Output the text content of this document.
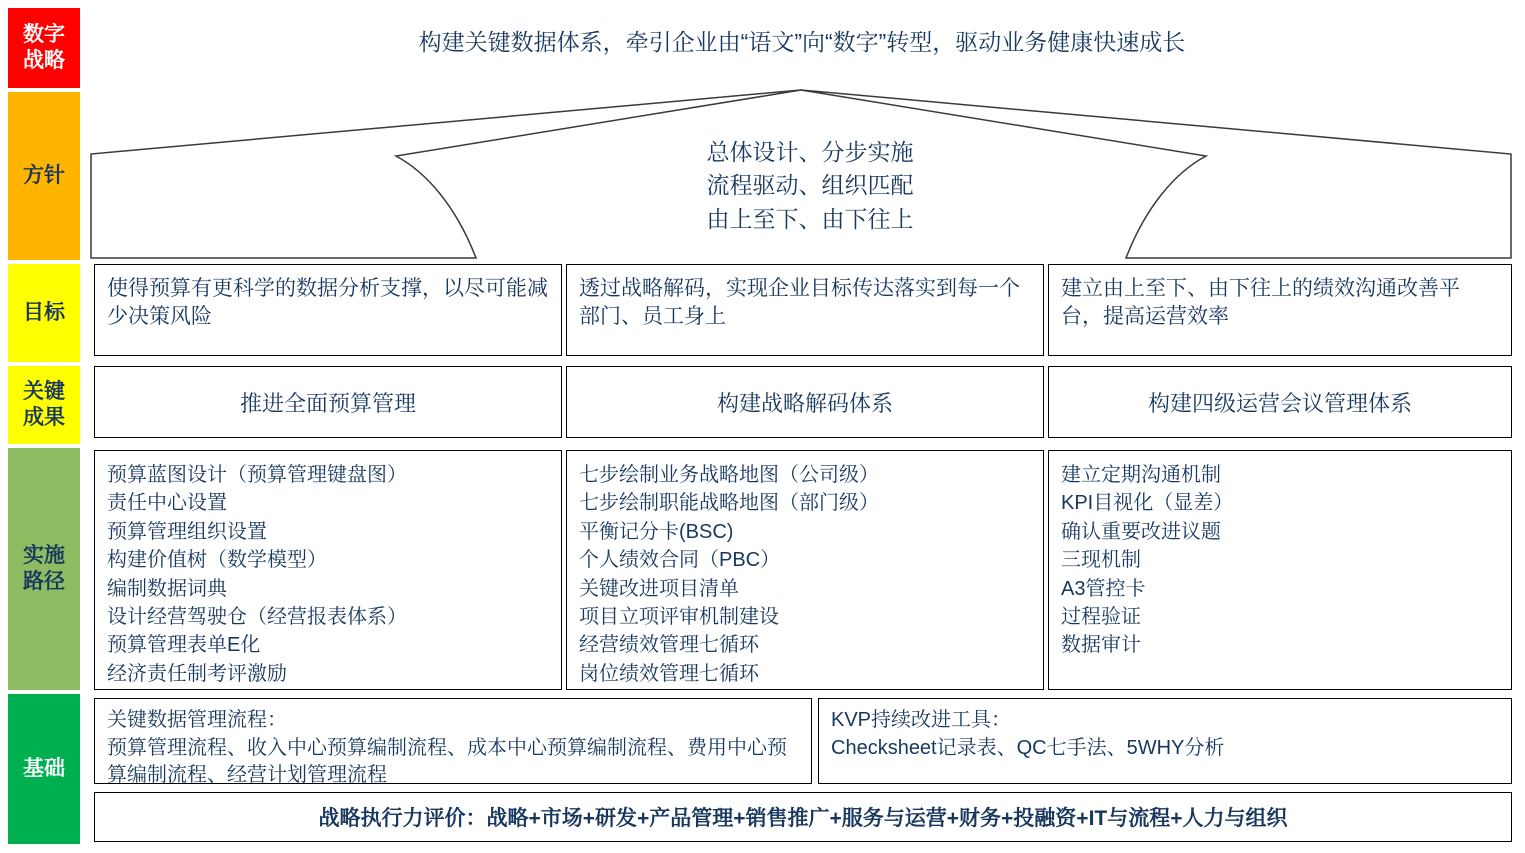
数字
战略
方针
目标
关键
成果
实施
路径
基础
构建关键数据体系，牵引企业由“语文”向“数字”转型，驱动业务健康快速成长
总体设计、分步实施
流程驱动、组织匹配
由上至下、由下往上
使得预算有更科学的数据分析支撑，以尽可能减少决策风险
透过战略解码，实现企业目标传达落实到每一个部门、员工身上
建立由上至下、由下往上的绩效沟通改善平台，提高运营效率
推进全面预算管理	构建战略解码体系	构建四级运营会议管理体系
预算蓝图设计（预算管理键盘图）
责任中心设置
预算管理组织设置
构建价值树（数学模型）
编制数据词典
设计经营驾驶仓（经营报表体系）
预算管理表单E化
经济责任制考评激励
七步绘制业务战略地图（公司级）
七步绘制职能战略地图（部门级）
平衡记分卡(BSC)
个人绩效合同（PBC）
关键改进项目清单
项目立项评审机制建设
经营绩效管理七循环
岗位绩效管理七循环
建立定期沟通机制
KPI目视化（显差）
确认重要改进议题
三现机制
A3管控卡
过程验证
数据审计
关键数据管理流程：
预算管理流程、收入中心预算编制流程、成本中心预算编制流程、费用中心预算编制流程、经营计划管理流程
KVP持续改进工具：
Checksheet记录表、QC七手法、5WHY分析
战略执行力评价：战略+市场+研发+产品管理+销售推广+服务与运营+财务+投融资+IT与流程+人力与组织
